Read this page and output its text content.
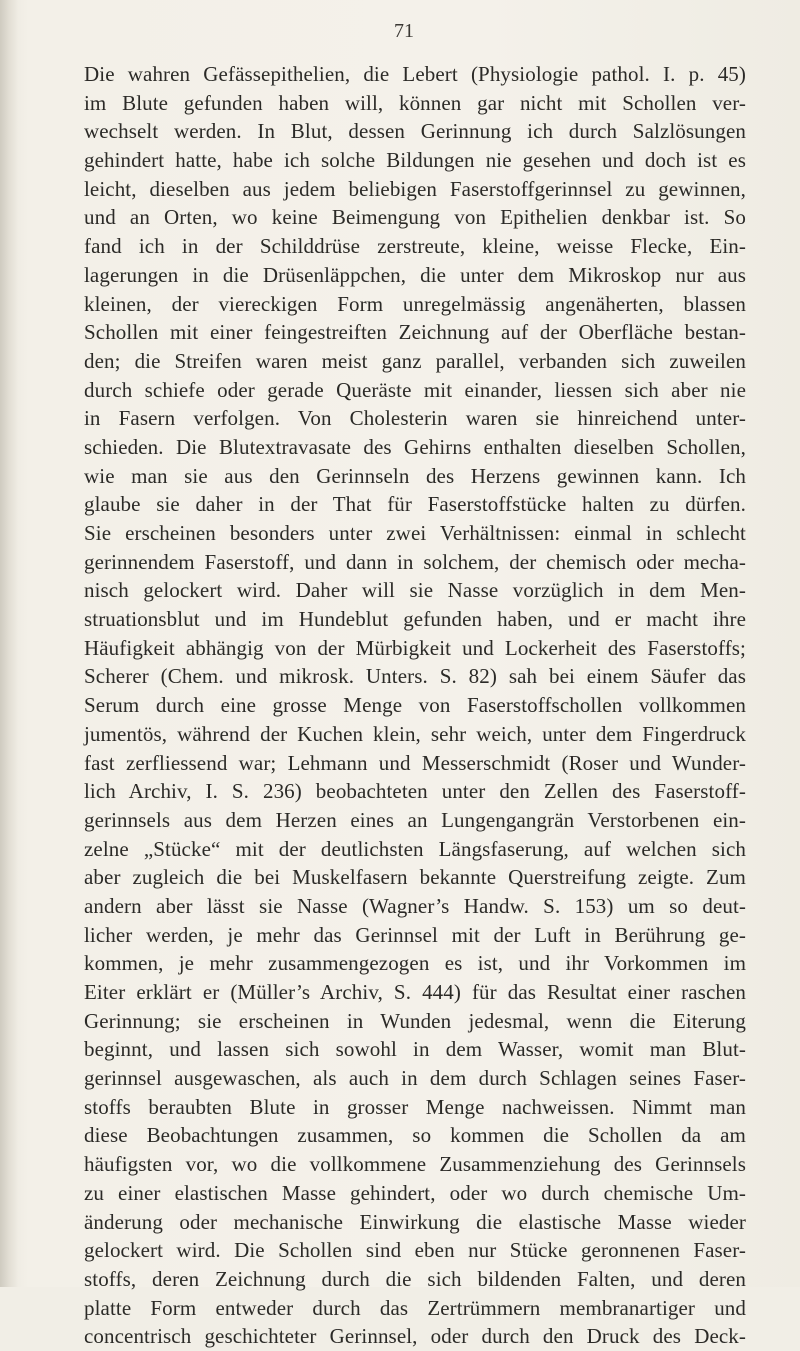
71
Die wahren Gefässepithelien, die Lebert (Physiologie pathol. I. p. 45)
im Blute gefunden haben will, können gar nicht mit Schollen ver-
wechselt werden. In Blut, dessen Gerinnung ich durch Salzlösungen
gehindert hatte, habe ich solche Bildungen nie gesehen und doch ist es
leicht, dieselben aus jedem beliebigen Faserstoffgerinnsel zu gewinnen,
und an Orten, wo keine Beimengung von Epithelien denkbar ist. So
fand ich in der Schilddrüse zerstreute, kleine, weisse Flecke, Ein-
lagerungen in die Drüsenläppchen, die unter dem Mikroskop nur aus
kleinen, der viereckigen Form unregelmässig angenäherten, blassen
Schollen mit einer feingestreiften Zeichnung auf der Oberfläche bestan-
den; die Streifen waren meist ganz parallel, verbanden sich zuweilen
durch schiefe oder gerade Queräste mit einander, liessen sich aber nie
in Fasern verfolgen. Von Cholesterin waren sie hinreichend unter-
schieden. Die Blutextravasate des Gehirns enthalten dieselben Schollen,
wie man sie aus den Gerinnseln des Herzens gewinnen kann. Ich
glaube sie daher in der That für Faserstoffstücke halten zu dürfen.
Sie erscheinen besonders unter zwei Verhältnissen: einmal in schlecht
gerinnendem Faserstoff, und dann in solchem, der chemisch oder mecha-
nisch gelockert wird. Daher will sie Nasse vorzüglich in dem Men-
struationsblut und im Hundeblut gefunden haben, und er macht ihre
Häufigkeit abhängig von der Mürbigkeit und Lockerheit des Faserstoffs;
Scherer (Chem. und mikrosk. Unters. S. 82) sah bei einem Säufer das
Serum durch eine grosse Menge von Faserstoffschollen vollkommen
jumentös, während der Kuchen klein, sehr weich, unter dem Fingerdruck
fast zerfliessend war; Lehmann und Messerschmidt (Roser und Wunder-
lich Archiv, I. S. 236) beobachteten unter den Zellen des Faserstoff-
gerinnsels aus dem Herzen eines an Lungengangrän Verstorbenen ein-
zelne „Stücke“ mit der deutlichsten Längsfaserung, auf welchen sich
aber zugleich die bei Muskelfasern bekannte Querstreifung zeigte. Zum
andern aber lässt sie Nasse (Wagner’s Handw. S. 153) um so deut-
licher werden, je mehr das Gerinnsel mit der Luft in Berührung ge-
kommen, je mehr zusammengezogen es ist, und ihr Vorkommen im
Eiter erklärt er (Müller’s Archiv, S. 444) für das Resultat einer raschen
Gerinnung; sie erscheinen in Wunden jedesmal, wenn die Eiterung
beginnt, und lassen sich sowohl in dem Wasser, womit man Blut-
gerinnsel ausgewaschen, als auch in dem durch Schlagen seines Faser-
stoffs beraubten Blute in grosser Menge nachweissen. Nimmt man
diese Beobachtungen zusammen, so kommen die Schollen da am
häufigsten vor, wo die vollkommene Zusammenziehung des Gerinnsels
zu einer elastischen Masse gehindert, oder wo durch chemische Um-
änderung oder mechanische Einwirkung die elastische Masse wieder
gelockert wird. Die Schollen sind eben nur Stücke geronnenen Faser-
stoffs, deren Zeichnung durch die sich bildenden Falten, und deren
platte Form entweder durch das Zertrümmern membranartiger und
concentrisch geschichteter Gerinnsel, oder durch den Druck des Deck-
